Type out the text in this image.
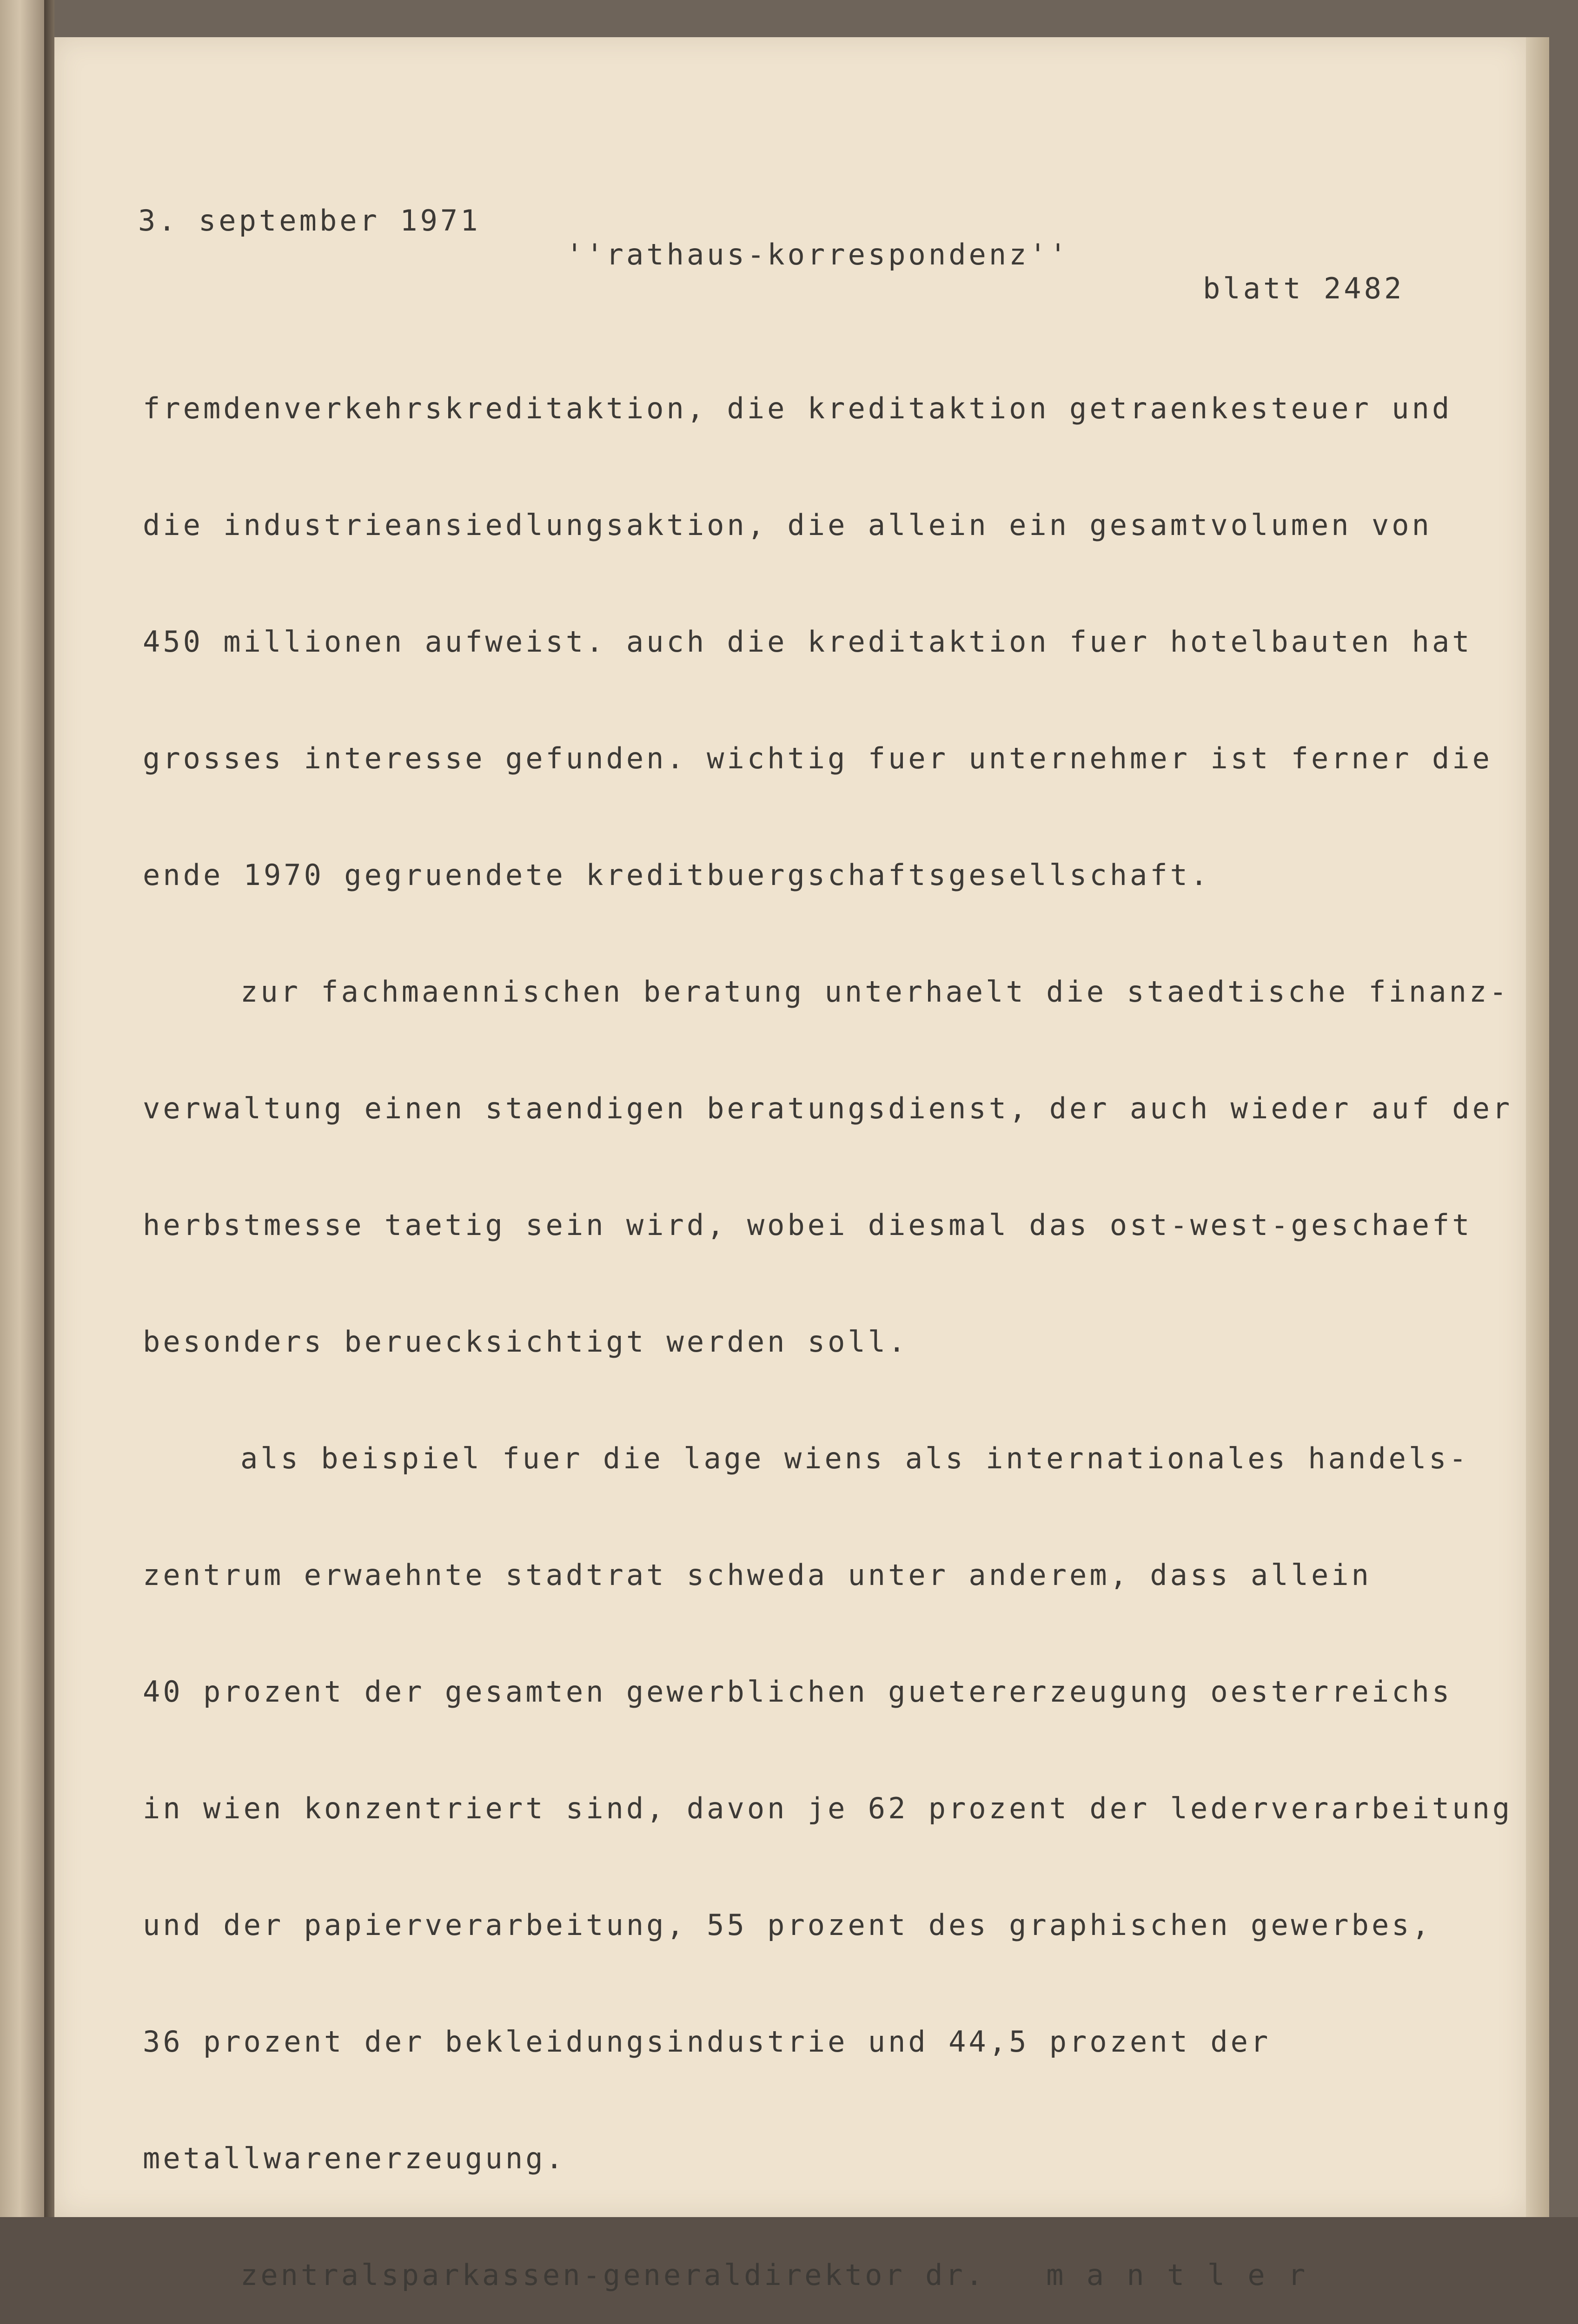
3. september 1971

''rathaus-korrespondenz''

blatt 2482

fremdenverkehrskreditaktion, die kreditaktion getraenkesteuer und

die industrieansiedlungsaktion, die allein ein gesamtvolumen von

450 millionen aufweist. auch die kreditaktion fuer hotelbauten hat

grosses interesse gefunden. wichtig fuer unternehmer ist ferner die

ende 1970 gegruendete kreditbuergschaftsgesellschaft.

zur fachmaennischen beratung unterhaelt die staedtische finanz-

verwaltung einen staendigen beratungsdienst, der auch wieder auf der

herbstmesse taetig sein wird, wobei diesmal das ost-west-geschaeft

besonders beruecksichtigt werden soll.

als beispiel fuer die lage wiens als internationales handels-

zentrum erwaehnte stadtrat schweda unter anderem, dass allein

40 prozent der gesamten gewerblichen guetererzeugung oesterreichs

in wien konzentriert sind, davon je 62 prozent der lederverarbeitung

und der papierverarbeitung, 55 prozent des graphischen gewerbes,

36 prozent der bekleidungsindustrie und 44,5 prozent der

metallwarenerzeugung.

zentralsparkassen-generaldirektor dr.   m a n t l e r
